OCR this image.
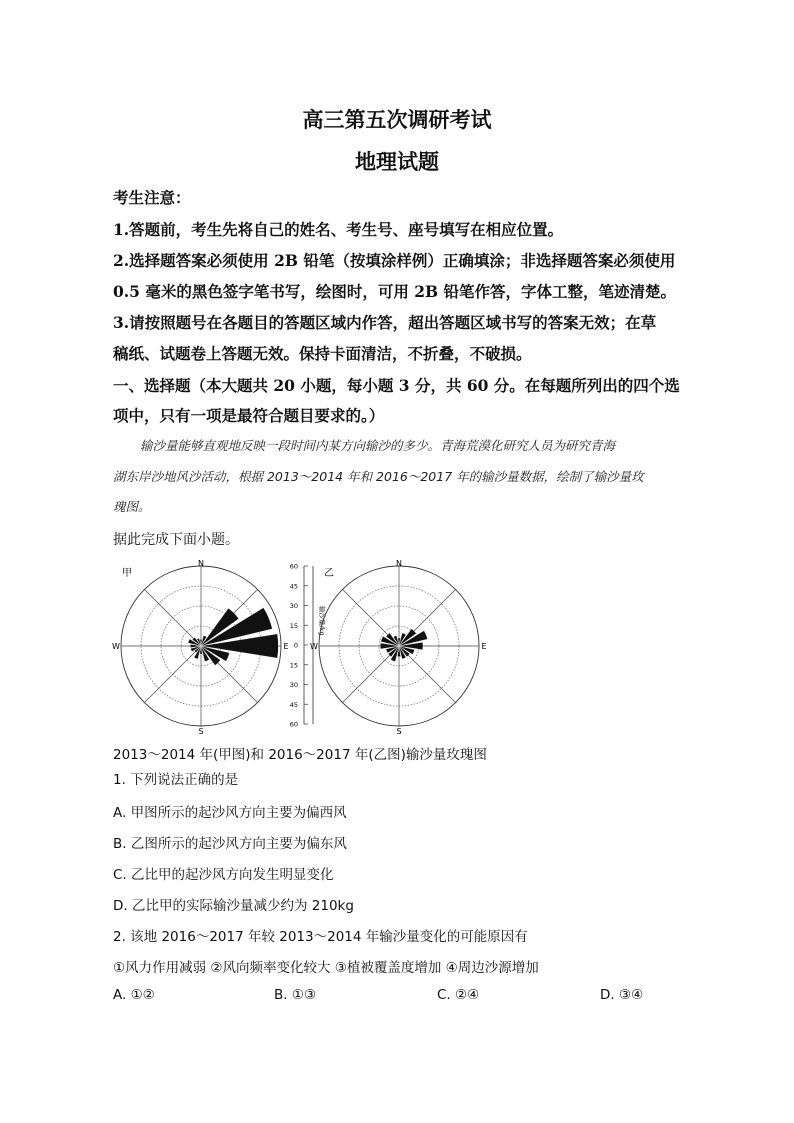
高三第五次调研考试
地理试题
考生注意：
1.答题前，考生先将自己的姓名、考生号、座号填写在相应位置。
2.选择题答案必须使用 2B 铅笔（按填涂样例）正确填涂；非选择题答案必须使用
0.5 毫米的黑色签字笔书写，绘图时，可用 2B 铅笔作答，字体工整，笔迹清楚。
3.请按照题号在各题目的答题区域内作答，超出答题区域书写的答案无效；在草
稿纸、试题卷上答题无效。保持卡面清洁，不折叠，不破损。
一、选择题（本大题共 20 小题，每小题 3 分，共 60 分。在每题所列出的四个选
项中，只有一项是最符合题目要求的。）
输沙量能够直观地反映一段时间内某方向输沙的多少。青海荒漠化研究人员为研究青海
湖东岸沙地风沙活动，根据 2013～2014 年和 2016～2017 年的输沙量数据，绘制了输沙量玫
瑰图。
据此完成下面小题。
甲	乙
N
S
W	E
60
45
30
15
0
15
30
45
60
输沙量/kg
N
S
W	E
2013～2014 年(甲图)和 2016～2017 年(乙图)输沙量玫瑰图
1. 下列说法正确的是
A. 甲图所示的起沙风方向主要为偏西风
B. 乙图所示的起沙风方向主要为偏东风
C. 乙比甲的起沙风方向发生明显变化
D. 乙比甲的实际输沙量减少约为 210kg
2. 该地 2016～2017 年较 2013～2014 年输沙量变化的可能原因有
①风力作用减弱 ②风向频率变化较大 ③植被覆盖度增加 ④周边沙源增加
A. ①②	B. ①③	C. ②④	D. ③④
